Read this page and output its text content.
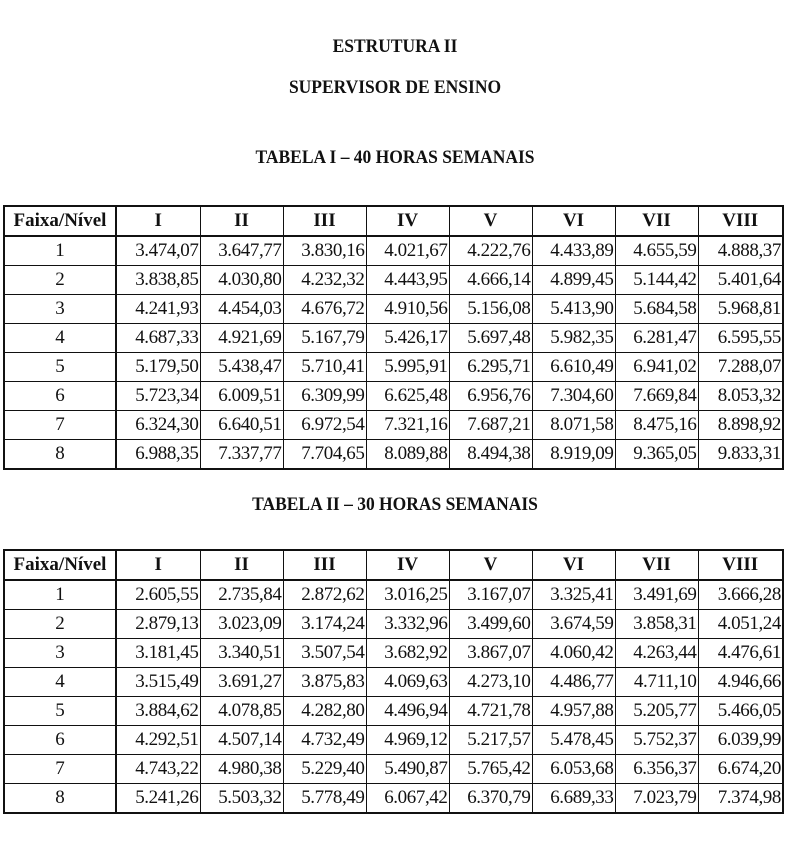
ESTRUTURA II
SUPERVISOR DE ENSINO
TABELA I – 40 HORAS SEMANAIS
Faixa/Nível	I	II	III	IV	V	VI	VII	VIII
1	3.474,07	3.647,77	3.830,16	4.021,67	4.222,76	4.433,89	4.655,59	4.888,37
2	3.838,85	4.030,80	4.232,32	4.443,95	4.666,14	4.899,45	5.144,42	5.401,64
3	4.241,93	4.454,03	4.676,72	4.910,56	5.156,08	5.413,90	5.684,58	5.968,81
4	4.687,33	4.921,69	5.167,79	5.426,17	5.697,48	5.982,35	6.281,47	6.595,55
5	5.179,50	5.438,47	5.710,41	5.995,91	6.295,71	6.610,49	6.941,02	7.288,07
6	5.723,34	6.009,51	6.309,99	6.625,48	6.956,76	7.304,60	7.669,84	8.053,32
7	6.324,30	6.640,51	6.972,54	7.321,16	7.687,21	8.071,58	8.475,16	8.898,92
8	6.988,35	7.337,77	7.704,65	8.089,88	8.494,38	8.919,09	9.365,05	9.833,31
TABELA II – 30 HORAS SEMANAIS
Faixa/Nível	I	II	III	IV	V	VI	VII	VIII
1	2.605,55	2.735,84	2.872,62	3.016,25	3.167,07	3.325,41	3.491,69	3.666,28
2	2.879,13	3.023,09	3.174,24	3.332,96	3.499,60	3.674,59	3.858,31	4.051,24
3	3.181,45	3.340,51	3.507,54	3.682,92	3.867,07	4.060,42	4.263,44	4.476,61
4	3.515,49	3.691,27	3.875,83	4.069,63	4.273,10	4.486,77	4.711,10	4.946,66
5	3.884,62	4.078,85	4.282,80	4.496,94	4.721,78	4.957,88	5.205,77	5.466,05
6	4.292,51	4.507,14	4.732,49	4.969,12	5.217,57	5.478,45	5.752,37	6.039,99
7	4.743,22	4.980,38	5.229,40	5.490,87	5.765,42	6.053,68	6.356,37	6.674,20
8	5.241,26	5.503,32	5.778,49	6.067,42	6.370,79	6.689,33	7.023,79	7.374,98
